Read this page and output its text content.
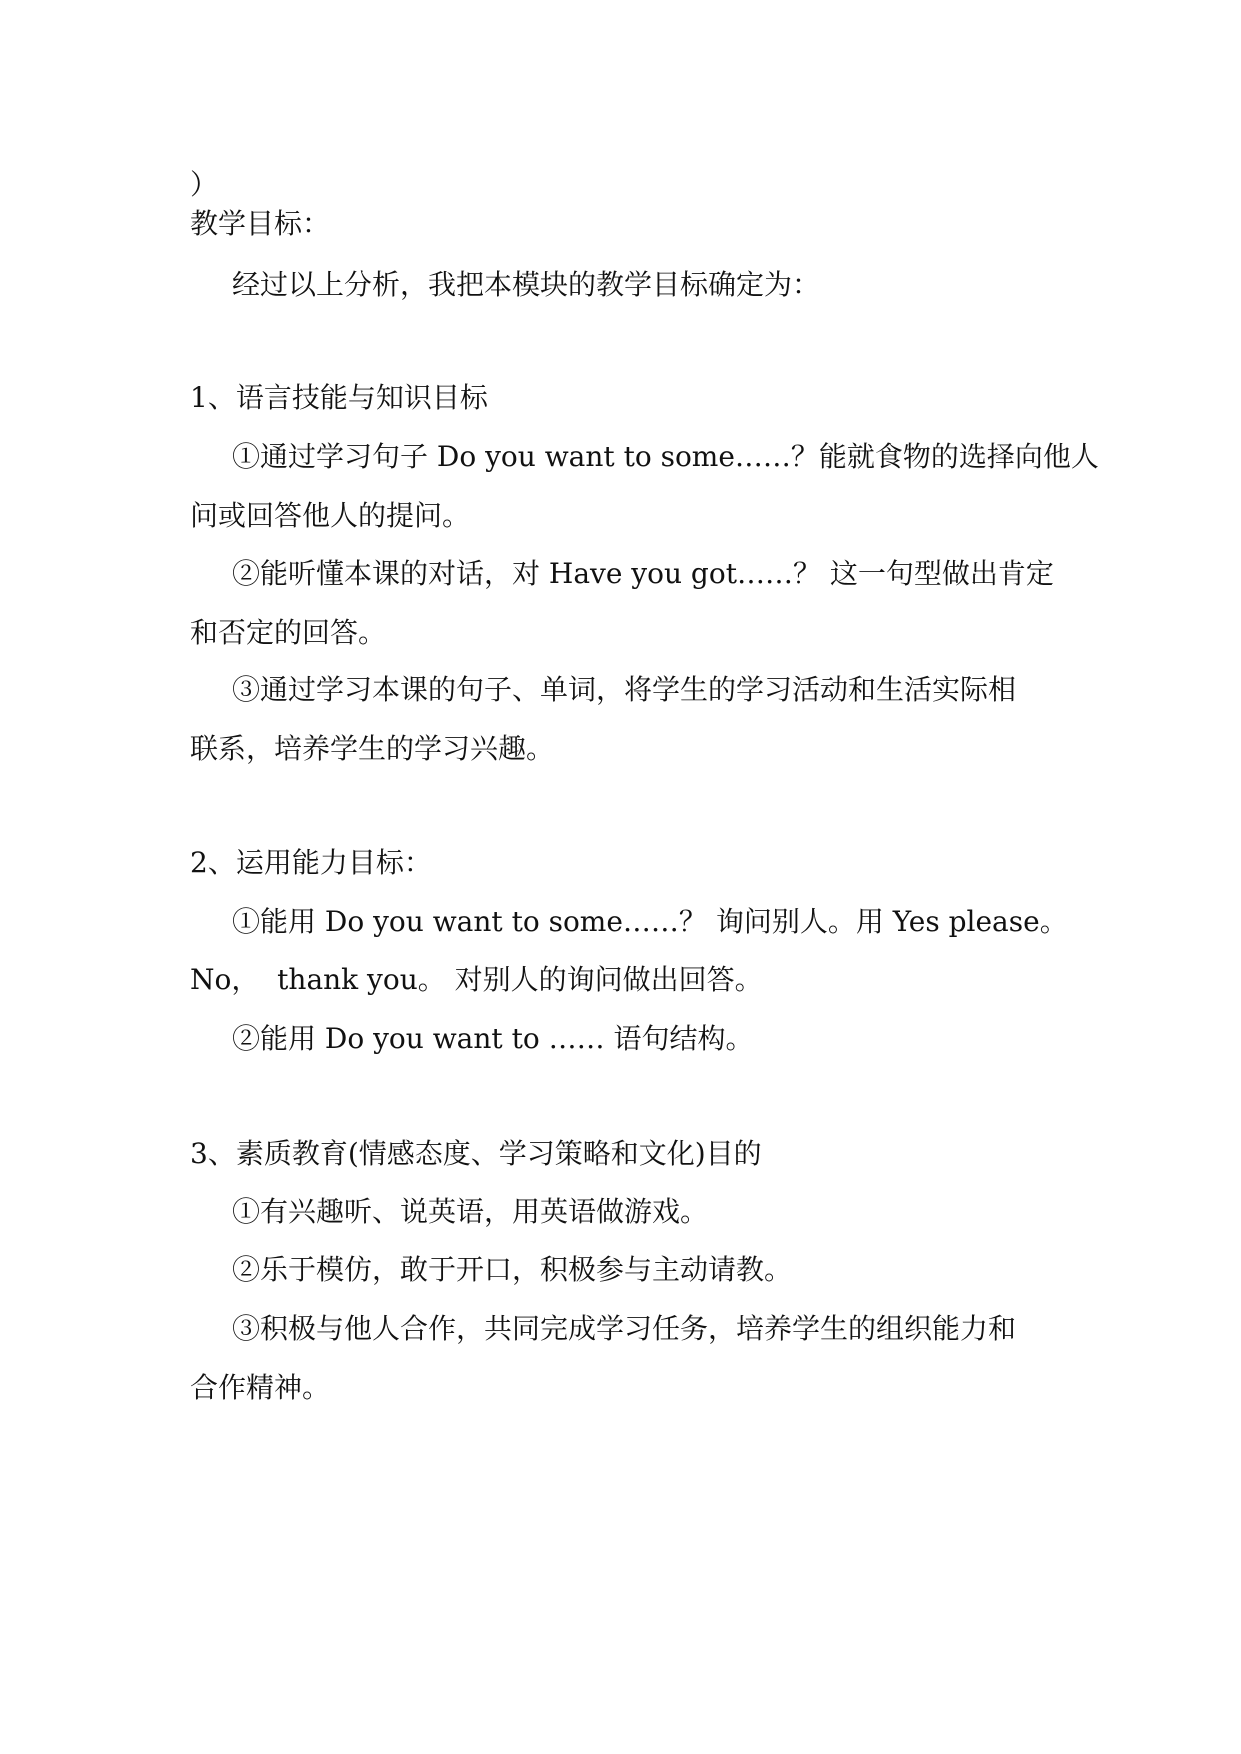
）

教学目标：

经过以上分析，我把本模块的教学目标确定为：

1、语言技能与知识目标

①通过学习句子 Do you want to some……？能就食物的选择向他人

问或回答他人的提问。

②能听懂本课的对话，对 Have you got……？ 这一句型做出肯定

和否定的回答。

③通过学习本课的句子、单词，将学生的学习活动和生活实际相

联系，培养学生的学习兴趣。

2、运用能力目标：

①能用 Do you want to some……？ 询问别人。用 Yes please。

No，  thank you。 对别人的询问做出回答。

②能用 Do you want to …… 语句结构。

3、素质教育(情感态度、学习策略和文化)目的

①有兴趣听、说英语，用英语做游戏。

②乐于模仿，敢于开口，积极参与主动请教。

③积极与他人合作，共同完成学习任务，培养学生的组织能力和

合作精神。
